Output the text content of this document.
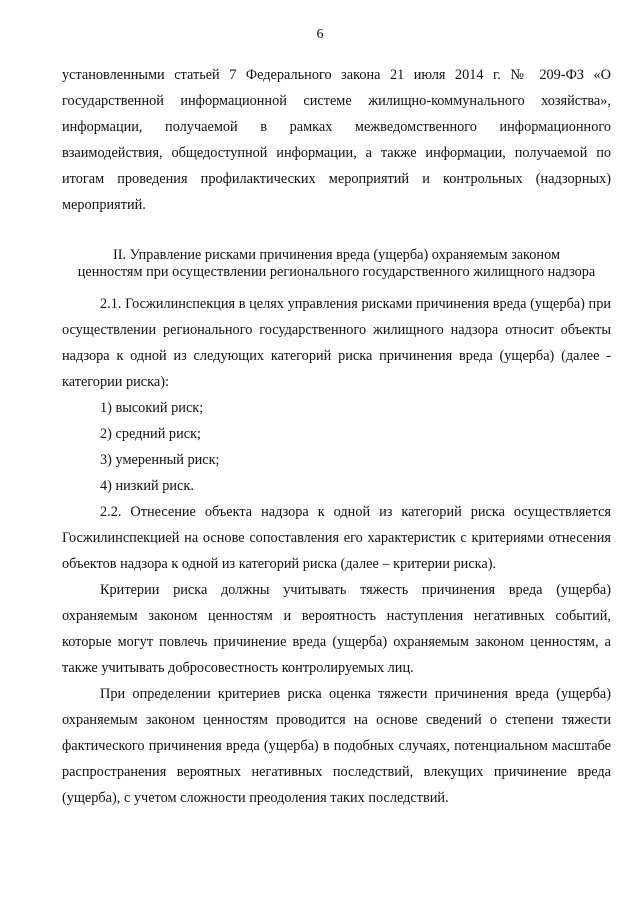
6

установленными статьей 7 Федерального закона 21 июля 2014 г. № 209-ФЗ «О государственной информационной системе жилищно-коммунального хозяйства», информации, получаемой в рамках межведомственного информационного взаимодействия, общедоступной информации, а также информации, получаемой по итогам проведения профилактических мероприятий и контрольных (надзорных) мероприятий.

II. Управление рисками причинения вреда (ущерба) охраняемым законом
ценностям при осуществлении регионального государственного жилищного надзора

2.1. Госжилинспекция в целях управления рисками причинения вреда (ущерба) при осуществлении регионального государственного жилищного надзора относит объекты надзора к одной из следующих категорий риска причинения вреда (ущерба) (далее - категории риска):

1) высокий риск;

2) средний риск;

3) умеренный риск;

4) низкий риск.

2.2. Отнесение объекта надзора к одной из категорий риска осуществляется Госжилинспекцией на основе сопоставления его характеристик с критериями отнесения объектов надзора к одной из категорий риска (далее – критерии риска).

Критерии риска должны учитывать тяжесть причинения вреда (ущерба) охраняемым законом ценностям и вероятность наступления негативных событий, которые могут повлечь причинение вреда (ущерба) охраняемым законом ценностям, а также учитывать добросовестность контролируемых лиц.

При определении критериев риска оценка тяжести причинения вреда (ущерба) охраняемым законом ценностям проводится на основе сведений о степени тяжести фактического причинения вреда (ущерба) в подобных случаях, потенциальном масштабе распространения вероятных негативных последствий, влекущих причинение вреда (ущерба), с учетом сложности преодоления таких последствий.
